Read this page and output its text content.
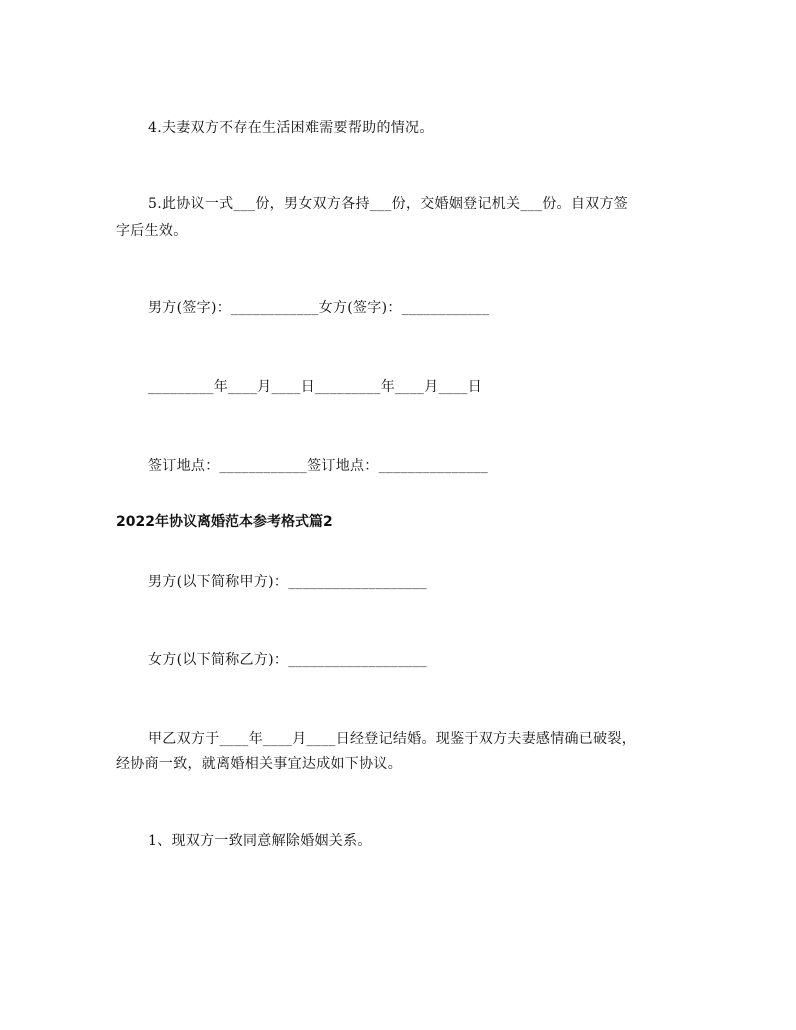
4.夫妻双方不存在生活困难需要帮助的情况。
5.此协议一式___份，男女双方各持___份，交婚姻登记机关___份。自双方签
字后生效。
男方(签字)：____________女方(签字)：____________
_________年____月____日_________年____月____日
签订地点：____________签订地点：_______________
2022年协议离婚范本参考格式篇2
男方(以下简称甲方)：___________________
女方(以下简称乙方)：___________________
甲乙双方于____年____月____日经登记结婚。现鉴于双方夫妻感情确已破裂，
经协商一致，就离婚相关事宜达成如下协议。
1、现双方一致同意解除婚姻关系。
